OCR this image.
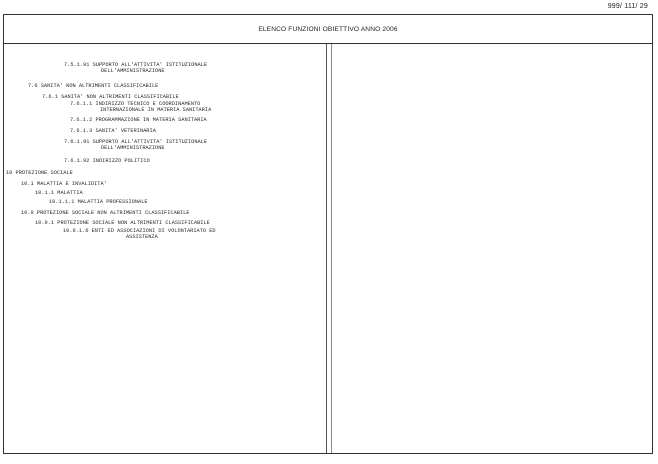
999/ 111/ 29
ELENCO FUNZIONI OBIETTIVO ANNO 2006
7.5.1.91 SUPPORTO ALL'ATTIVITA' ISTITUZIONALE
DELL'AMMINISTRAZIONE
7.6 SANITA' NON ALTRIMENTI CLASSIFICABILE
7.6.1 SANITA' NON ALTRIMENTI CLASSIFICABILE
7.6.1.1 INDIRIZZO TECNICO E COORDINAMENTO
INTERNAZIONALE IN MATERIA SANITARIA
7.6.1.2 PROGRAMMAZIONE IN MATERIA SANITARIA
7.6.1.3 SANITA' VETERINARIA
7.6.1.91 SUPPORTO ALL'ATTIVITA' ISTITUZIONALE
DELL'AMMINISTRAZIONE
7.6.1.92 INDIRIZZO POLITICO
10 PROTEZIONE SOCIALE
10.1 MALATTIA E INVALIDITA'
10.1.1 MALATTIA
10.1.1.1 MALATTIA PROFESSIONALE
10.9 PROTEZIONE SOCIALE NON ALTRIMENTI CLASSIFICABILE
10.9.1 PROTEZIONE SOCIALE NON ALTRIMENTI CLASSIFICABILE
10.9.1.6 ENTI ED ASSOCIAZIONI DI VOLONTARIATO ED
ASSISTENZA
